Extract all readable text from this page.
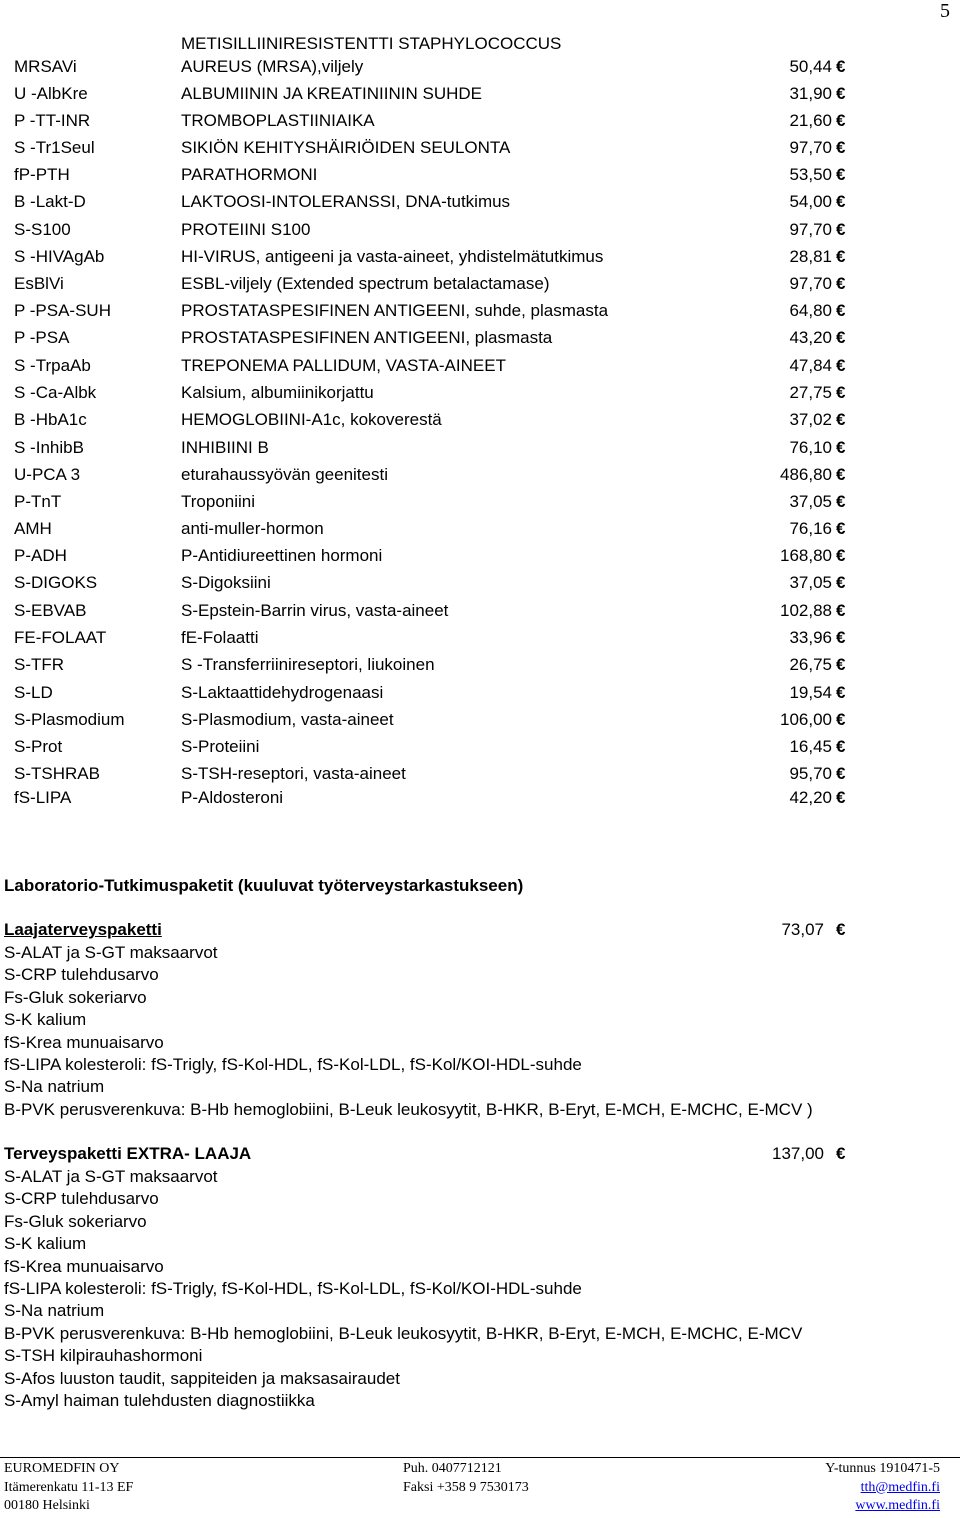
5
METISILLIINIRESISTENTTI STAPHYLOCOCCUS
MRSAVi	AUREUS (MRSA),viljely	50,44 €
U -AlbKre	ALBUMIININ JA KREATINIININ SUHDE	31,90 €
P -TT-INR	TROMBOPLASTIINIAIKA	21,60 €
S -Tr1Seul	SIKIÖN KEHITYSHÄIRIÖIDEN SEULONTA	97,70 €
fP-PTH	PARATHORMONI	53,50 €
B -Lakt-D	LAKTOOSI-INTOLERANSSI, DNA-tutkimus	54,00 €
S-S100	PROTEIINI S100	97,70 €
S -HIVAgAb	HI-VIRUS, antigeeni ja vasta-aineet, yhdistelmätutkimus	28,81 €
EsBlVi	ESBL-viljely (Extended spectrum betalactamase)	97,70 €
P -PSA-SUH	PROSTATASPESIFINEN ANTIGEENI, suhde, plasmasta	64,80 €
P -PSA	PROSTATASPESIFINEN ANTIGEENI, plasmasta	43,20 €
S -TrpaAb	TREPONEMA PALLIDUM, VASTA-AINEET	47,84 €
S -Ca-Albk	Kalsium, albumiinikorjattu	27,75 €
B -HbA1c	HEMOGLOBIINI-A1c, kokoverestä	37,02 €
S -InhibB	INHIBIINI B	76,10 €
U-PCA 3	eturahaussyövän geenitesti	486,80 €
P-TnT	Troponiini	37,05 €
AMH	anti-muller-hormon	76,16 €
P-ADH	P-Antidiureettinen hormoni	168,80 €
S-DIGOKS	S-Digoksiini	37,05 €
S-EBVAB	S-Epstein-Barrin virus, vasta-aineet	102,88 €
FE-FOLAAT	fE-Folaatti	33,96 €
S-TFR	S -Transferriinireseptori, liukoinen	26,75 €
S-LD	S-Laktaattidehydrogenaasi	19,54 €
S-Plasmodium	S-Plasmodium, vasta-aineet	106,00 €
S-Prot	S-Proteiini	16,45 €
S-TSHRAB	S-TSH-reseptori, vasta-aineet	95,70 €
fS-LIPA	P-Aldosteroni	42,20 €
Laboratorio-Tutkimuspaketit (kuuluvat työterveystarkastukseen)
Laajaterveyspaketti	73,07 €
S-ALAT ja S-GT maksaarvot
S-CRP tulehdusarvo
Fs-Gluk sokeriarvo
S-K kalium
fS-Krea munuaisarvo
fS-LIPA kolesteroli: fS-Trigly, fS-Kol-HDL, fS-Kol-LDL, fS-Kol/KOI-HDL-suhde
S-Na natrium
B-PVK perusverenkuva: B-Hb hemoglobiini, B-Leuk leukosyytit, B-HKR, B-Eryt, E-MCH, E-MCHC, E-MCV )
Terveyspaketti EXTRA- LAAJA	137,00 €
S-ALAT ja S-GT maksaarvot
S-CRP tulehdusarvo
Fs-Gluk sokeriarvo
S-K kalium
fS-Krea munuaisarvo
fS-LIPA kolesteroli: fS-Trigly, fS-Kol-HDL, fS-Kol-LDL, fS-Kol/KOI-HDL-suhde
S-Na natrium
B-PVK perusverenkuva: B-Hb hemoglobiini, B-Leuk leukosyytit, B-HKR, B-Eryt, E-MCH, E-MCHC, E-MCV
S-TSH kilpirauhashormoni
S-Afos luuston taudit, sappiteiden ja maksasairaudet
S-Amyl haiman tulehdusten diagnostiikka
EUROMEDFIN OY
Itämerenkatu 11-13 EF
00180 Helsinki
Puh. 0407712121
Faksi +358 9 7530173
Y-tunnus 1910471-5
tth@medfin.fi
www.medfin.fi
